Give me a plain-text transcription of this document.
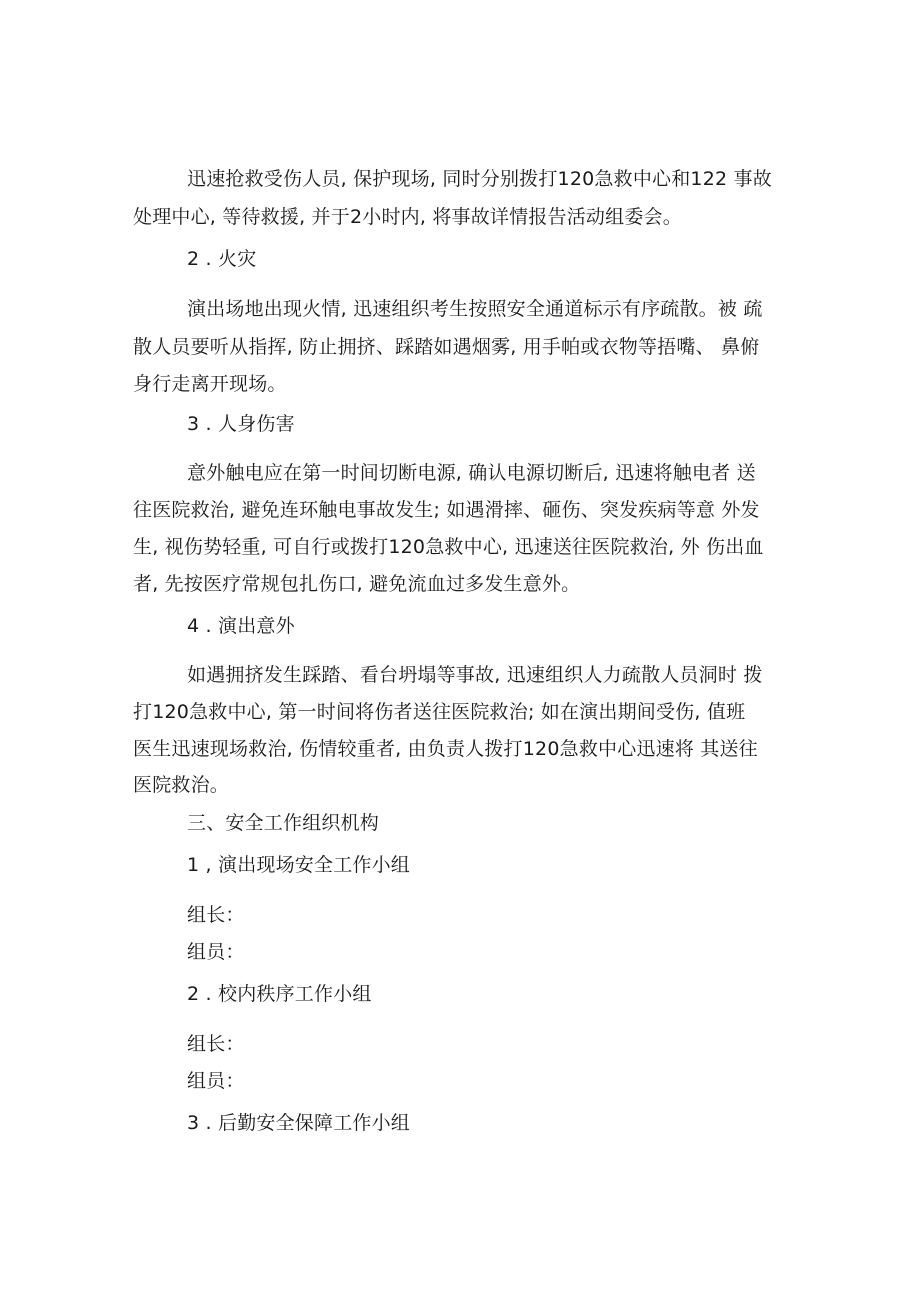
迅速抢救受伤人员, 保护现场, 同时分别拨打120急救中心和122 事故
处理中心, 等待救援, 并于2小时内, 将事故详情报告活动组委会。
2 . 火灾
演出场地出现火情, 迅速组织考生按照安全通道标示有序疏散。被 疏
散人员要听从指挥, 防止拥挤、踩踏如遇烟雾, 用手帕或衣物等捂嘴、 鼻俯
身行走离开现场。
3 . 人身伤害
意外触电应在第一时间切断电源, 确认电源切断后, 迅速将触电者 送
往医院救治, 避免连环触电事故发生; 如遇滑摔、砸伤、突发疾病等意 外发
生, 视伤势轻重, 可自行或拨打120急救中心, 迅速送往医院救治, 外 伤出血
者, 先按医疗常规包扎伤口, 避免流血过多发生意外。
4 . 演出意外
如遇拥挤发生踩踏、看台坍塌等事故, 迅速组织人力疏散人员洞时 拨
打120急救中心, 第一时间将伤者送往医院救治; 如在演出期间受伤, 值班
医生迅速现场救治, 伤情较重者, 由负责人拨打120急救中心迅速将 其送往
医院救治。
三、安全工作组织机构
1 , 演出现场安全工作小组
组长：
组员：
2 . 校内秩序工作小组
组长：
组员：
3 . 后勤安全保障工作小组
